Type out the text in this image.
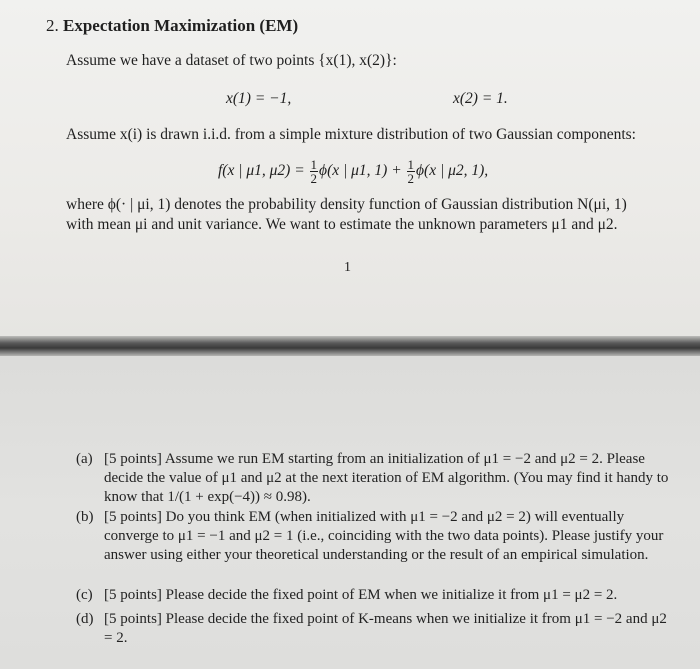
2. Expectation Maximization (EM)
Assume we have a dataset of two points {x(1), x(2)}:
x(1) = −1,	x(2) = 1.
Assume x(i) is drawn i.i.d. from a simple mixture distribution of two Gaussian components:
f(x | μ1, $\mu 2) = \frac{1}{2} \phi(x$ | μ1, $1) + \frac{1}{2} \phi(x$ | μ2, 1),
where ϕ(· | μi, 1) denotes the probability density function of Gaussian distribution N(μi, 1)
with mean μi and unit variance. We want to estimate the unknown parameters μ1 and μ2.
1
(a) [5 points] Assume we run EM starting from an initialization of μ1 = −2 and μ2 = 2. Please decide the value of μ1 and μ2 at the next iteration of EM algorithm. (You may find it handy to know that 1/(1 + exp(−4)) ≈ 0.98).
(b) [5 points] Do you think EM (when initialized with μ1 = −2 and μ2 = 2) will eventually converge to μ1 = −1 and μ2 = 1 (i.e., coinciding with the two data points). Please justify your answer using either your theoretical understanding or the result of an empirical simulation.
(c) [5 points] Please decide the fixed point of EM when we initialize it from μ1 = μ2 = 2.
(d) [5 points] Please decide the fixed point of K-means when we initialize it from μ1 = −2 and μ2 = 2.
